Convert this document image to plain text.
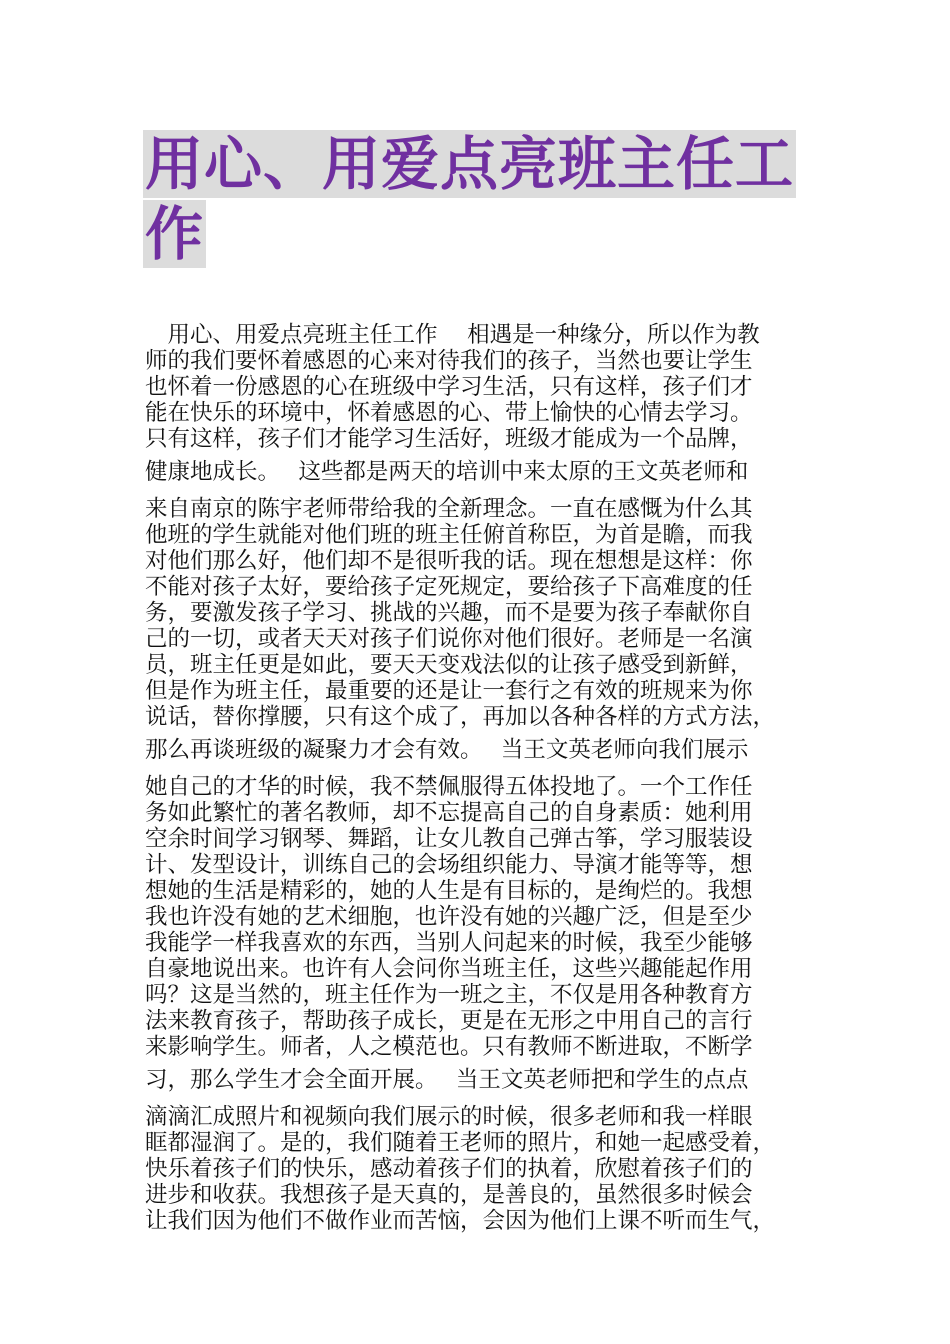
用心、用爱点亮班主任工
作
　用心、用爱点亮班主任工作　 相遇是一种缘分，所以作为教
师的我们要怀着感恩的心来对待我们的孩子，当然也要让学生
也怀着一份感恩的心在班级中学习生活，只有这样，孩子们才
能在快乐的环境中，怀着感恩的心、带上愉快的心情去学习。
只有这样，孩子们才能学习生活好，班级才能成为一个品牌，
健康地成长。　 这些都是两天的培训中来太原的王文英老师和
来自南京的陈宇老师带给我的全新理念。一直在感慨为什么其
他班的学生就能对他们班的班主任俯首称臣，为首是瞻，而我
对他们那么好，他们却不是很听我的话。现在想想是这样：你
不能对孩子太好，要给孩子定死规定，要给孩子下高难度的任
务，要激发孩子学习、挑战的兴趣，而不是要为孩子奉献你自
己的一切，或者天天对孩子们说你对他们很好。老师是一名演
员，班主任更是如此，要天天变戏法似的让孩子感受到新鲜，
但是作为班主任，最重要的还是让一套行之有效的班规来为你
说话，替你撑腰，只有这个成了，再加以各种各样的方式方法，
那么再谈班级的凝聚力才会有效。　 当王文英老师向我们展示
她自己的才华的时候，我不禁佩服得五体投地了。一个工作任
务如此繁忙的著名教师，却不忘提高自己的自身素质：她利用
空余时间学习钢琴、舞蹈，让女儿教自己弹古筝，学习服装设
计、发型设计，训练自己的会场组织能力、导演才能等等，想
想她的生活是精彩的，她的人生是有目标的，是绚烂的。我想
我也许没有她的艺术细胞，也许没有她的兴趣广泛，但是至少
我能学一样我喜欢的东西，当别人问起来的时候，我至少能够
自豪地说出来。也许有人会问你当班主任，这些兴趣能起作用
吗？这是当然的，班主任作为一班之主，不仅是用各种教育方
法来教育孩子，帮助孩子成长，更是在无形之中用自己的言行
来影响学生。师者，人之模范也。只有教师不断进取，不断学
习，那么学生才会全面开展。　 当王文英老师把和学生的点点
滴滴汇成照片和视频向我们展示的时候，很多老师和我一样眼
眶都湿润了。是的，我们随着王老师的照片，和她一起感受着，
快乐着孩子们的快乐，感动着孩子们的执着，欣慰着孩子们的
进步和收获。我想孩子是天真的，是善良的，虽然很多时候会
让我们因为他们不做作业而苦恼，会因为他们上课不听而生气，
